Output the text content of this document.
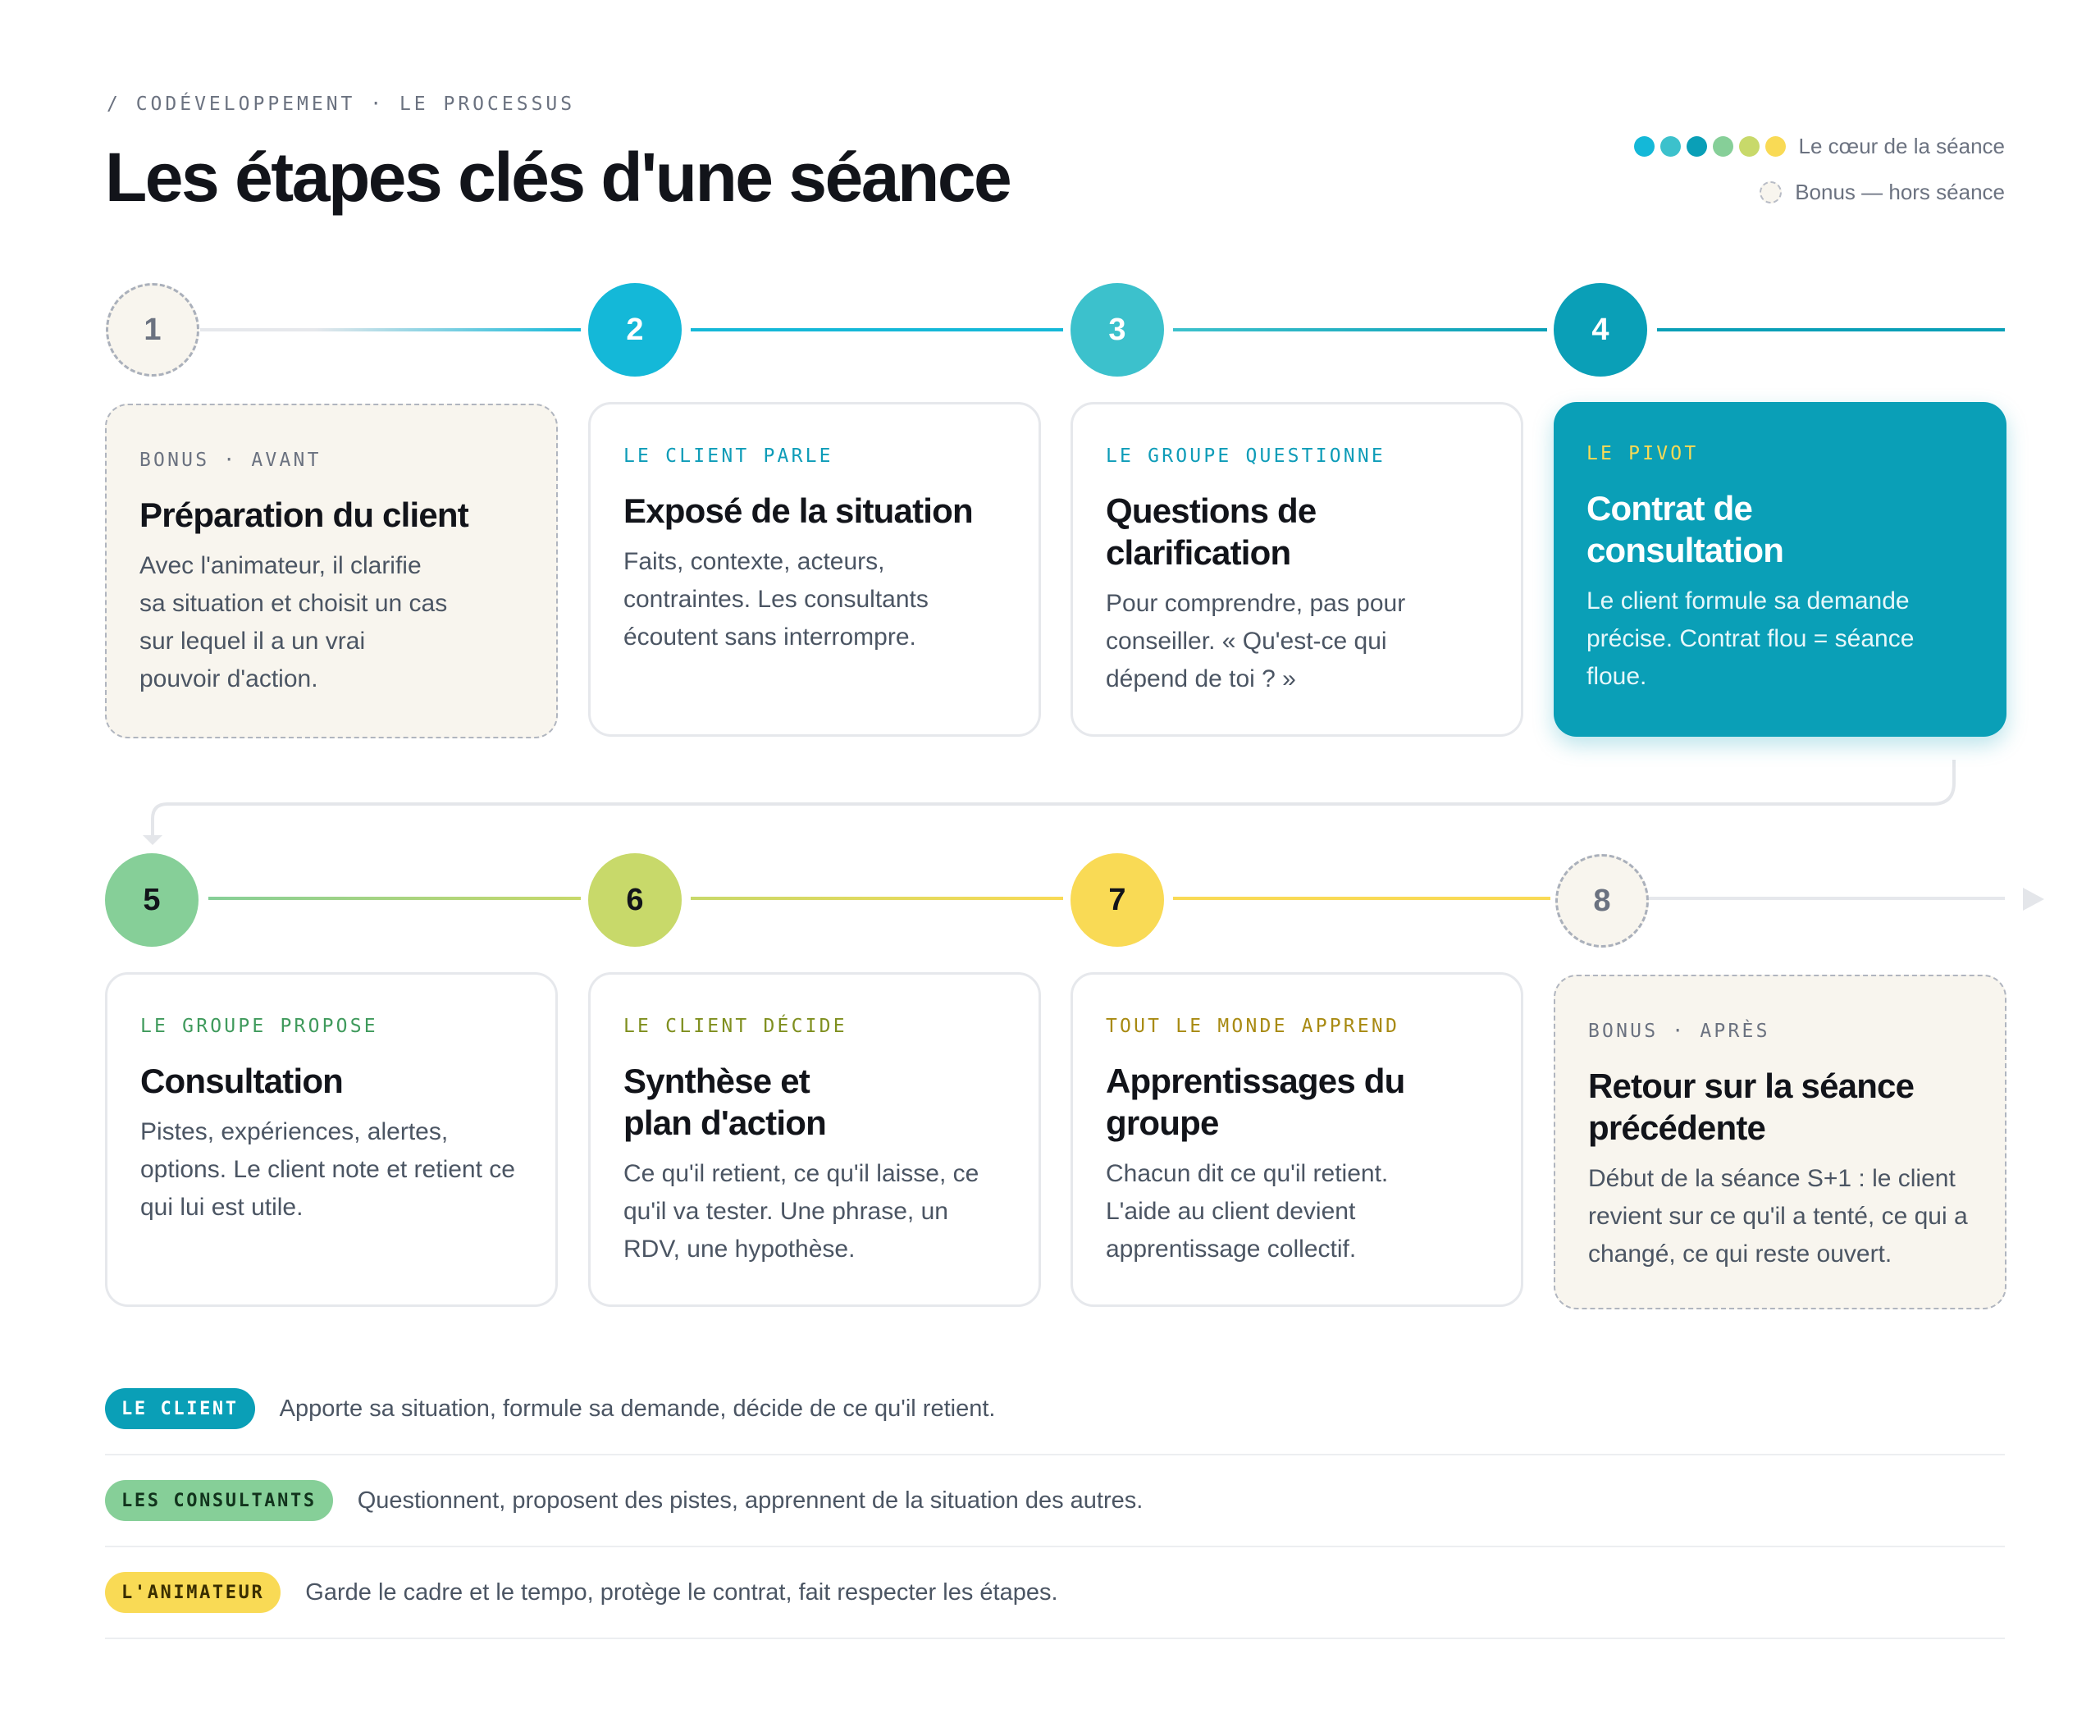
/ CODÉVELOPPEMENT · LE PROCESSUS
Les étapes clés d'une séance	Le cœur de la séance
Bonus — hors séance
1	2	3	4
5	6	7	8
BONUS · AVANT
Préparation du client
Avec l'animateur, il clarifie sa situation et choisit un cas sur lequel il a un vrai pouvoir d'action.
LE CLIENT PARLE
Exposé de la situation
Faits, contexte, acteurs, contraintes. Les consultants écoutent sans interrompre.
LE GROUPE QUESTIONNE
Questions de clarification
Pour comprendre, pas pour conseiller. « Qu'est-ce qui dépend de toi ? »
LE PIVOT
Contrat de consultation
Le client formule sa demande précise. Contrat flou = séance floue.
LE GROUPE PROPOSE
Consultation
Pistes, expériences, alertes, options. Le client note et retient ce qui lui est utile.
LE CLIENT DÉCIDE
Synthèse et plan d'action
Ce qu'il retient, ce qu'il laisse, ce qu'il va tester. Une phrase, un RDV, une hypothèse.
TOUT LE MONDE APPREND
Apprentissages du groupe
Chacun dit ce qu'il retient. L'aide au client devient apprentissage collectif.
BONUS · APRÈS
Retour sur la séance précédente
Début de la séance S+1 : le client revient sur ce qu'il a tenté, ce qui a changé, ce qui reste ouvert.
LE CLIENT	Apporte sa situation, formule sa demande, décide de ce qu'il retient.
LES CONSULTANTS	Questionnent, proposent des pistes, apprennent de la situation des autres.
L'ANIMATEUR	Garde le cadre et le tempo, protège le contrat, fait respecter les étapes.
